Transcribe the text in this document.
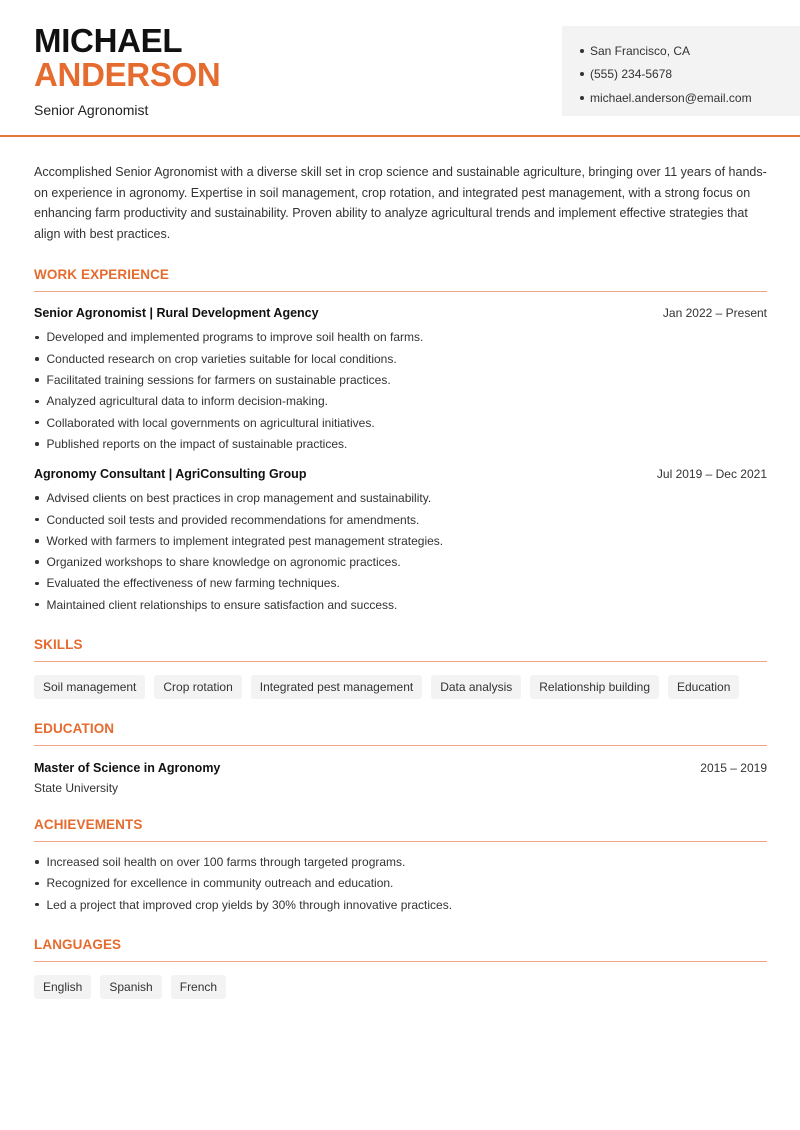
MICHAEL
ANDERSON
Senior Agronomist
San Francisco, CA
(555) 234-5678
michael.anderson@email.com

Accomplished Senior Agronomist with a diverse skill set in crop science and sustainable agriculture, bringing over 11 years of hands-on experience in agronomy. Expertise in soil management, crop rotation, and integrated pest management, with a strong focus on enhancing farm productivity and sustainability. Proven ability to analyze agricultural trends and implement effective strategies that align with best practices.

WORK EXPERIENCE
Senior Agronomist | Rural Development Agency	Jan 2022 – Present
Developed and implemented programs to improve soil health on farms.
Conducted research on crop varieties suitable for local conditions.
Facilitated training sessions for farmers on sustainable practices.
Analyzed agricultural data to inform decision-making.
Collaborated with local governments on agricultural initiatives.
Published reports on the impact of sustainable practices.
Agronomy Consultant | AgriConsulting Group	Jul 2019 – Dec 2021
Advised clients on best practices in crop management and sustainability.
Conducted soil tests and provided recommendations for amendments.
Worked with farmers to implement integrated pest management strategies.
Organized workshops to share knowledge on agronomic practices.
Evaluated the effectiveness of new farming techniques.
Maintained client relationships to ensure satisfaction and success.
SKILLS
Soil management	Crop rotation	Integrated pest management	Data analysis	Relationship building	Education
EDUCATION
Master of Science in Agronomy	2015 – 2019
State University
ACHIEVEMENTS
Increased soil health on over 100 farms through targeted programs.
Recognized for excellence in community outreach and education.
Led a project that improved crop yields by 30% through innovative practices.
LANGUAGES
English	Spanish	French
